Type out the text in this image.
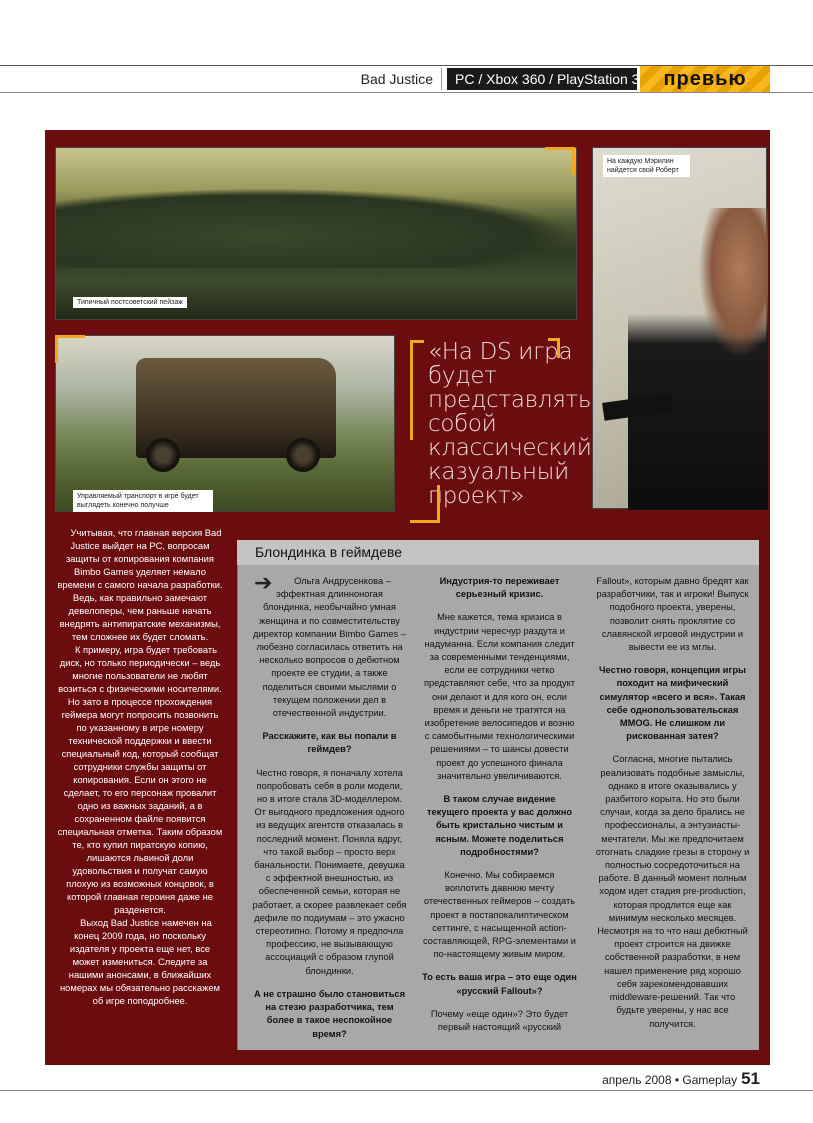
Bad Justice	PC / Xbox 360 / PlayStation 3	превью
Типичный постсоветский пейзаж
Управляемый транспорт в игре будет выглядеть конечно получше
На каждую Мэрилин найдется свой Роберт
«На DS игра будет представлять собой классический казуальный проект»

Учитывая, что главная версия Bad Justice выйдет на PC, вопросам защиты от копирования компания Bimbo Games уделяет немало времени с самого начала разработки. Ведь, как правильно замечают девелоперы, чем раньше начать внедрять антипиратские механизмы, тем сложнее их будет сломать.

К примеру, игра будет требовать диск, но только периодически – ведь многие пользователи не любят возиться с физическими носителями. Но зато в процессе прохождения геймера могут попросить позвонить по указанному в игре номеру технической поддержки и ввести специальный код, который сообщат сотрудники службы защиты от копирования. Если он этого не сделает, то его персонаж провалит одно из важных заданий, а в сохраненном файле появится специальная отметка. Таким образом те, кто купил пиратскую копию, лишаются львиной доли удовольствия и получат самую плохую из возможных концовок, в которой главная героиня даже не разденется.

Выход Bad Justice намечен на конец 2009 года, но поскольку издателя у проекта еще нет, все может измениться. Следите за нашими анонсами, в ближайших номерах мы обязательно расскажем об игре поподробнее.

Блондинка в геймдеве
➔	Ольга Андрусенкова – эффектная длинноногая блондинка, необычайно умная женщина и по совместительству директор компании Bimbo Games – любезно согласилась ответить на несколько вопросов о дебютном проекте ее студии, а также поделиться своими мыслями о текущем положении дел в отечественной индустрии.

Расскажите, как вы попали в геймдев?

Честно говоря, я поначалу хотела попробовать себя в роли модели, но в итоге стала 3D-моделлером. От выгодного предложения одного из ведущих агентств отказалась в последний момент. Поняла вдруг, что такой выбор – просто верх банальности. Понимаете, девушка с эффектной внешностью, из обеспеченной семьи, которая не работает, а скорее развлекает себя дефиле по подиумам – это ужасно стереотипно. Потому я предпочла профессию, не вызывающую ассоциаций с образом глупой блондинки.

А не страшно было становиться на стезю разработчика, тем более в такое неспокойное время?

Индустрия-то переживает серьезный кризис.

Мне кажется, тема кризиса в индустрии чересчур раздута и надуманна. Если компания следит за современными тенденциями, если ее сотрудники четко представляют себе, что за продукт они делают и для кого он, если время и деньги не тратятся на изобретение велосипедов и возню с самобытными технологическими решениями – то шансы довести проект до успешного финала значительно увеличиваются.

В таком случае видение текущего проекта у вас должно быть кристально чистым и ясным. Можете поделиться подробностями?

Конечно. Мы собираемся воплотить давнюю мечту отечественных геймеров – создать проект в постапокалиптическом сеттинге, с насыщенной action-составляющей, RPG-элементами и по-настоящему живым миром.

То есть ваша игра – это еще один «русский Fallout»?

Почему «еще один»? Это будет первый настоящий «русский

Fallout», которым давно бредят как разработчики, так и игроки! Выпуск подобного проекта, уверены, позволит снять проклятие со славянской игровой индустрии и вывести ее из мглы.

Честно говоря, концепция игры походит на мифический симулятор «всего и вся». Такая себе однопользовательская MMOG. Не слишком ли рискованная затея?

Согласна, многие пытались реализовать подобные замыслы, однако в итоге оказывались у разбитого корыта. Но это были случаи, когда за дело брались не профессионалы, а энтузиасты-мечтатели. Мы же предпочитаем отогнать сладкие грезы в сторону и полностью сосредоточиться на работе. В данный момент полным ходом идет стадия pre-production, которая продлится еще как минимум несколько месяцев. Несмотря на то что наш дебютный проект строится на движке собственной разработки, в нем нашел применение ряд хорошо себя зарекомендовавших middleware-решений. Так что будьте уверены, у нас все получится.

апрель 2008 • Gameplay 51
